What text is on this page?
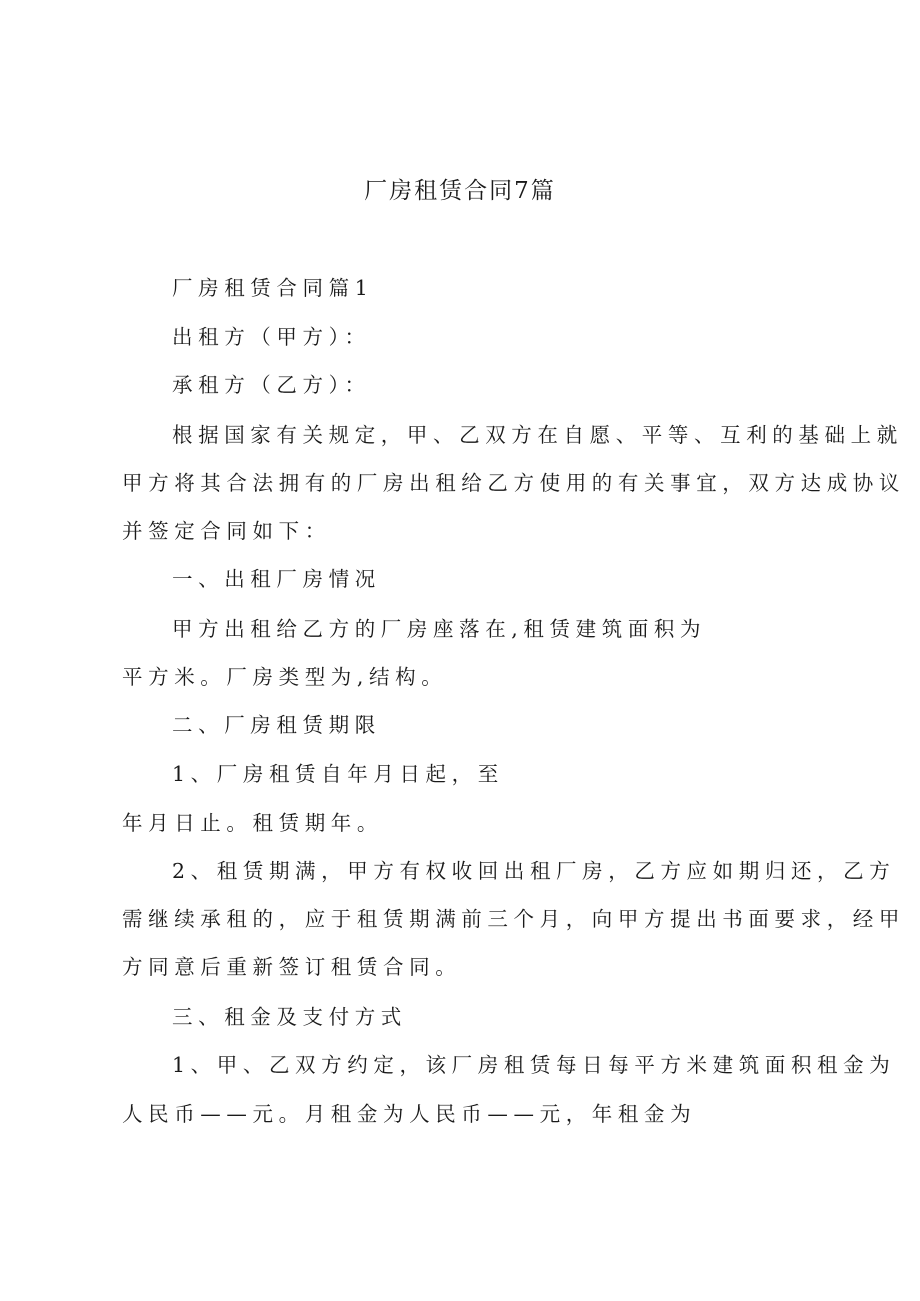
厂房租赁合同7篇
厂房租赁合同篇1
出租方（甲方）：
承租方（乙方）：
根据国家有关规定，甲、乙双方在自愿、平等、互利的基础上就
甲方将其合法拥有的厂房出租给乙方使用的有关事宜，双方达成协议
并签定合同如下：
一、出租厂房情况
甲方出租给乙方的厂房座落在,租赁建筑面积为
平方米。厂房类型为,结构。
二、厂房租赁期限
1、厂房租赁自年月日起，至
年月日止。租赁期年。
2、租赁期满，甲方有权收回出租厂房，乙方应如期归还，乙方
需继续承租的，应于租赁期满前三个月，向甲方提出书面要求，经甲
方同意后重新签订租赁合同。
三、租金及支付方式
1、甲、乙双方约定，该厂房租赁每日每平方米建筑面积租金为
人民币——元。月租金为人民币——元，年租金为
